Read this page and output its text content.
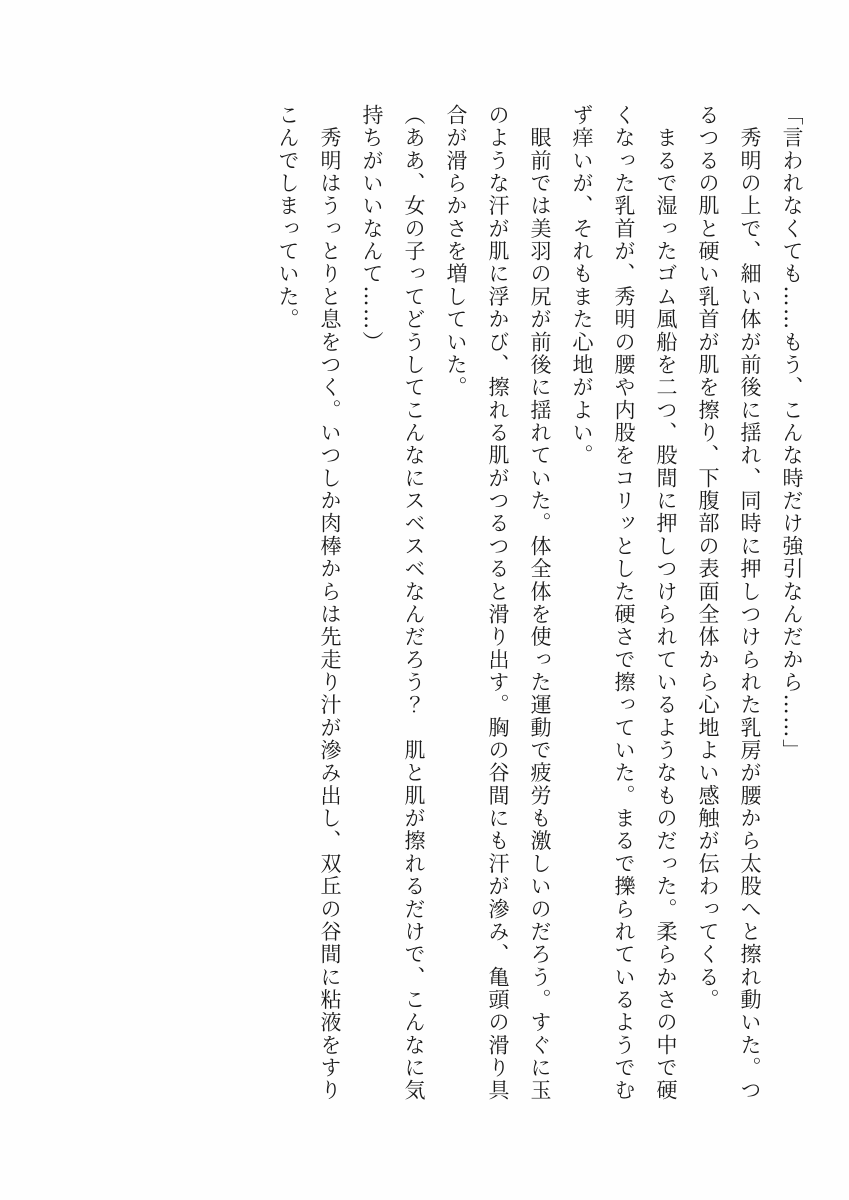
「言われなくても……もう、こんな時だけ強引なんだから……」

　秀明の上で、細い体が前後に揺れ、同時に押しつけられた乳房が腰から太股へと擦れ動いた。つるつるの肌と硬い乳首が肌を擦り、下腹部の表面全体から心地よい感触が伝わってくる。

　まるで湿ったゴム風船を二つ、股間に押しつけられているようなものだった。柔らかさの中で硬くなった乳首が、秀明の腰や内股をコリッとした硬さで擦っていた。まるで擽られているようでむず痒いが、それもまた心地がよい。

　眼前では美羽の尻が前後に揺れていた。体全体を使った運動で疲労も激しいのだろう。すぐに玉のような汗が肌に浮かび、擦れる肌がつるつると滑り出す。胸の谷間にも汗が滲み、亀頭の滑り具合が滑らかさを増していた。

（ああ、女の子ってどうしてこんなにスベスベなんだろう？　肌と肌が擦れるだけで、こんなに気持ちがいいなんて……）

　秀明はうっとりと息をつく。いつしか肉棒からは先走り汁が滲み出し、双丘の谷間に粘液をすりこんでしまっていた。
